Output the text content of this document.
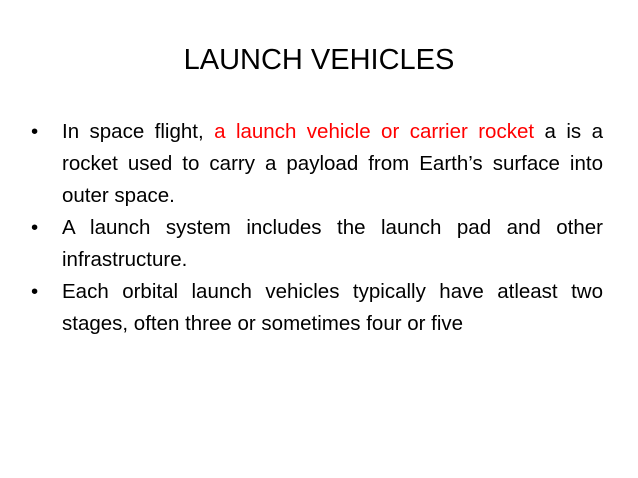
LAUNCH VEHICLES
•	In space flight, a launch vehicle or carrier rocket a is a rocket used to carry a payload from Earth’s surface into outer space.
•	A launch system includes the launch pad and other infrastructure.
•	Each orbital launch vehicles typically have atleast two stages, often three or sometimes four or five
